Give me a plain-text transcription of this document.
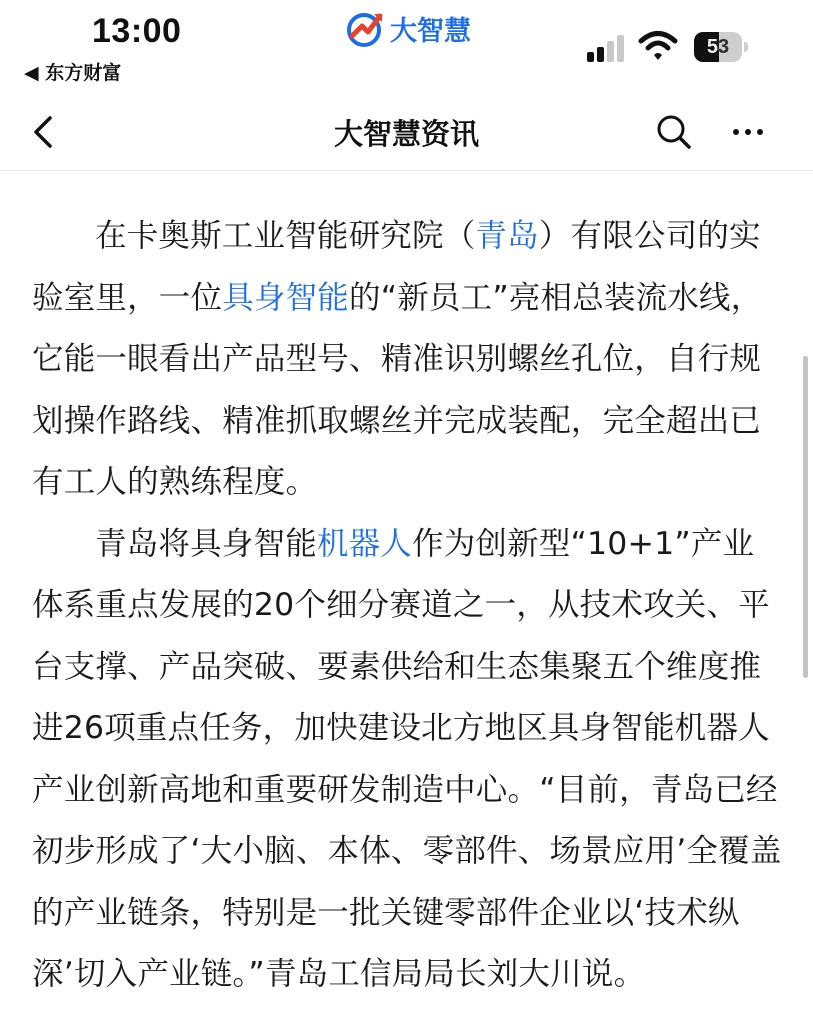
13:00
◀ 东方财富
大智慧
53
大智慧资讯

在卡奥斯工业智能研究院（青岛）有限公司的实验室里，一位具身智能的“新员工”亮相总装流水线，它能一眼看出产品型号、精准识别螺丝孔位，自行规划操作路线、精准抓取螺丝并完成装配，完全超出已有工人的熟练程度。

青岛将具身智能机器人作为创新型“10+1”产业体系重点发展的20个细分赛道之一，从技术攻关、平台支撑、产品突破、要素供给和生态集聚五个维度推进26项重点任务，加快建设北方地区具身智能机器人产业创新高地和重要研发制造中心。“目前，青岛已经初步形成了‘大小脑、本体、零部件、场景应用’全覆盖的产业链条，特别是一批关键零部件企业以‘技术纵深’切入产业链。”青岛工信局局长刘大川说。
